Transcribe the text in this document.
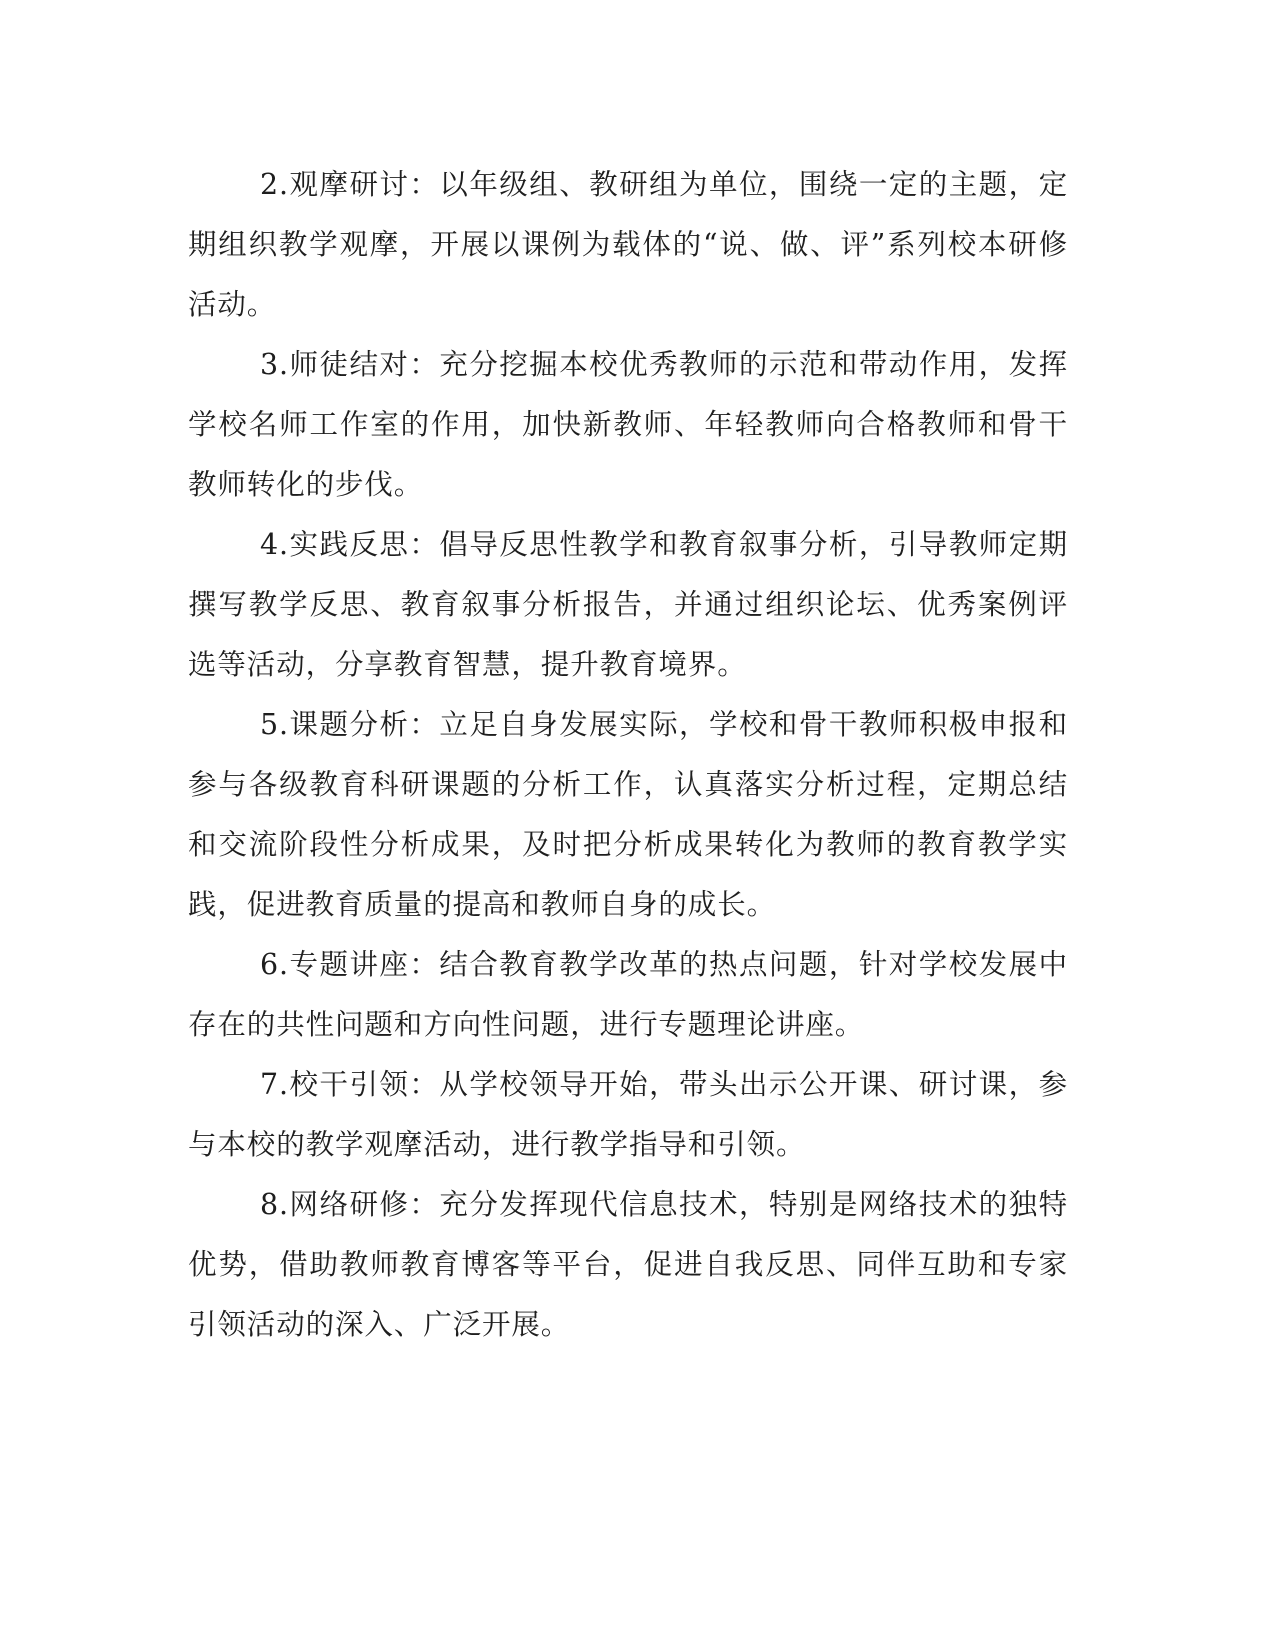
2.观摩研讨：以年级组、教研组为单位，围绕一定的主题，定期组织教学观摩，开展以课例为载体的“说、做、评”系列校本研修活动。

3.师徒结对：充分挖掘本校优秀教师的示范和带动作用，发挥学校名师工作室的作用，加快新教师、年轻教师向合格教师和骨干教师转化的步伐。

4.实践反思：倡导反思性教学和教育叙事分析，引导教师定期撰写教学反思、教育叙事分析报告，并通过组织论坛、优秀案例评选等活动，分享教育智慧，提升教育境界。

5.课题分析：立足自身发展实际，学校和骨干教师积极申报和参与各级教育科研课题的分析工作，认真落实分析过程，定期总结和交流阶段性分析成果，及时把分析成果转化为教师的教育教学实践，促进教育质量的提高和教师自身的成长。

6.专题讲座：结合教育教学改革的热点问题，针对学校发展中存在的共性问题和方向性问题，进行专题理论讲座。

7.校干引领：从学校领导开始，带头出示公开课、研讨课，参与本校的教学观摩活动，进行教学指导和引领。

8.网络研修：充分发挥现代信息技术，特别是网络技术的独特优势，借助教师教育博客等平台，促进自我反思、同伴互助和专家引领活动的深入、广泛开展。
